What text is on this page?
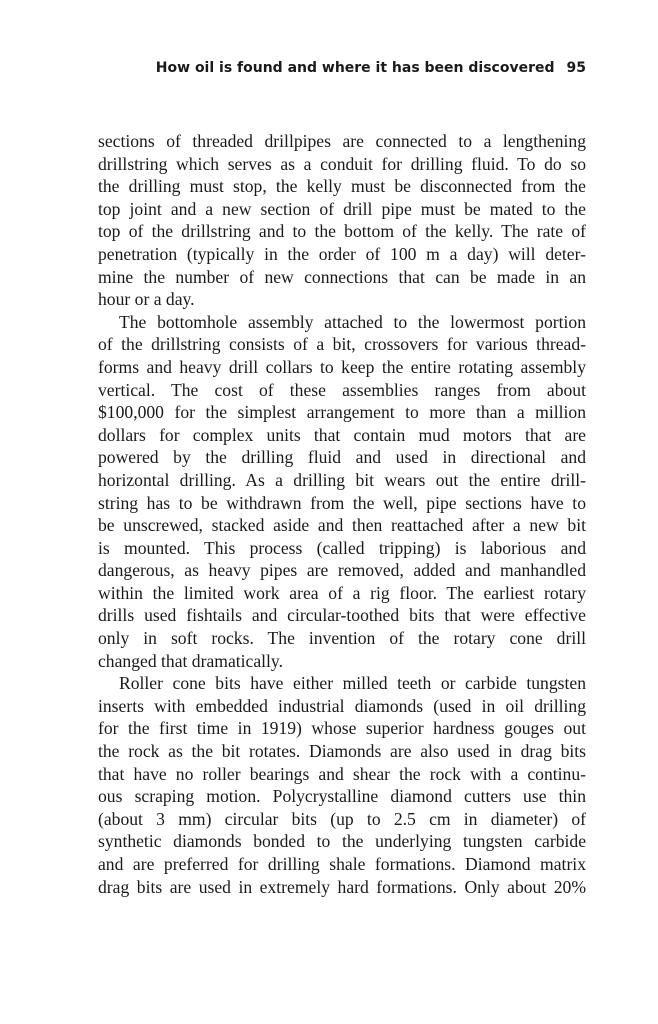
How oil is found and where it has been discovered 95
sections of threaded drillpipes are connected to a lengthening
drillstring which serves as a conduit for drilling fluid. To do so
the drilling must stop, the kelly must be disconnected from the
top joint and a new section of drill pipe must be mated to the
top of the drillstring and to the bottom of the kelly. The rate of
penetration (typically in the order of 100 m a day) will deter-
mine the number of new connections that can be made in an
hour or a day.
The bottomhole assembly attached to the lowermost portion
of the drillstring consists of a bit, crossovers for various thread-
forms and heavy drill collars to keep the entire rotating assembly
vertical. The cost of these assemblies ranges from about
$100,000 for the simplest arrangement to more than a million
dollars for complex units that contain mud motors that are
powered by the drilling fluid and used in directional and
horizontal drilling. As a drilling bit wears out the entire drill-
string has to be withdrawn from the well, pipe sections have to
be unscrewed, stacked aside and then reattached after a new bit
is mounted. This process (called tripping) is laborious and
dangerous, as heavy pipes are removed, added and manhandled
within the limited work area of a rig floor. The earliest rotary
drills used fishtails and circular-toothed bits that were effective
only in soft rocks. The invention of the rotary cone drill
changed that dramatically.
Roller cone bits have either milled teeth or carbide tungsten
inserts with embedded industrial diamonds (used in oil drilling
for the first time in 1919) whose superior hardness gouges out
the rock as the bit rotates. Diamonds are also used in drag bits
that have no roller bearings and shear the rock with a continu-
ous scraping motion. Polycrystalline diamond cutters use thin
(about 3 mm) circular bits (up to 2.5 cm in diameter) of
synthetic diamonds bonded to the underlying tungsten carbide
and are preferred for drilling shale formations. Diamond matrix
drag bits are used in extremely hard formations. Only about 20%
